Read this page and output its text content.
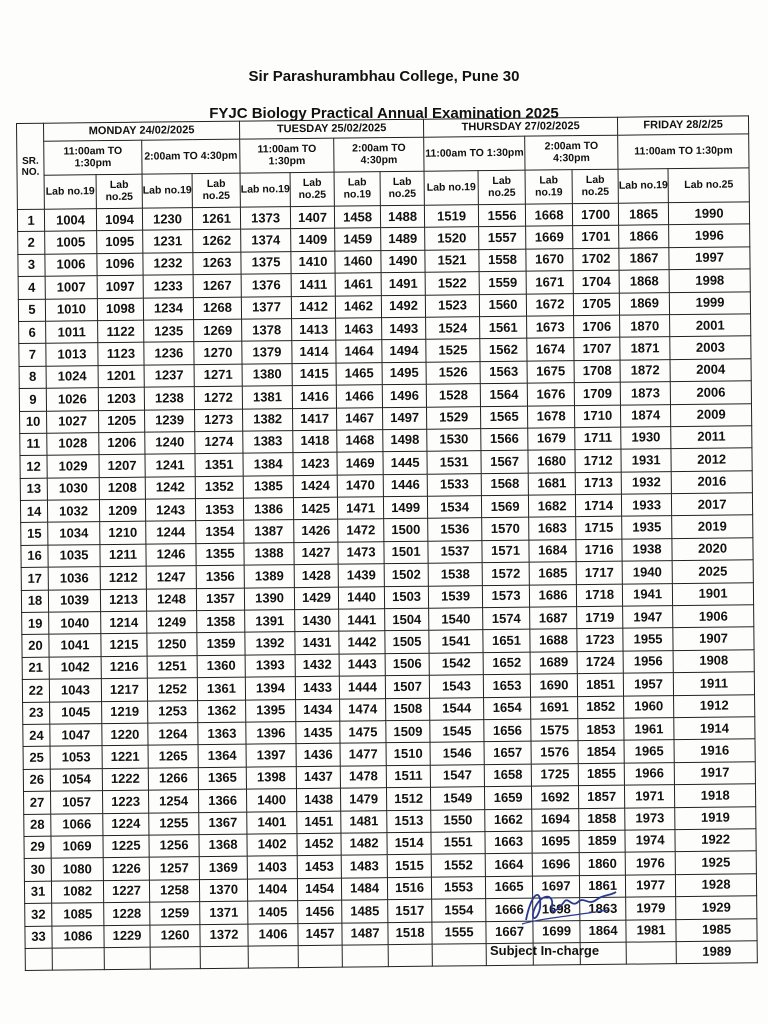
Sir Parashurambhau College, Pune 30
FYJC Biology Practical Annual Examination 2025
SR. NO.	MONDAY 24/02/2025				TUESDAY 25/02/2025				THURSDAY 27/02/2025				FRIDAY 28/2/25	
	11:00am TO 1:30pm		2:00am TO 4:30pm		11:00am TO 1:30pm		2:00am TO 4:30pm		11:00am TO 1:30pm		2:00am TO 4:30pm		11:00am TO 1:30pm	
	Lab no.19	Lab no.25	Lab no.19	Lab no.25	Lab no.19	Lab no.25	Lab no.19	Lab no.25	Lab no.19	Lab no.25	Lab no.19	Lab no.25	Lab no.19	Lab no.25
1	1004	1094	1230	1261	1373	1407	1458	1488	1519	1556	1668	1700	1865	1990
2	1005	1095	1231	1262	1374	1409	1459	1489	1520	1557	1669	1701	1866	1996
3	1006	1096	1232	1263	1375	1410	1460	1490	1521	1558	1670	1702	1867	1997
4	1007	1097	1233	1267	1376	1411	1461	1491	1522	1559	1671	1704	1868	1998
5	1010	1098	1234	1268	1377	1412	1462	1492	1523	1560	1672	1705	1869	1999
6	1011	1122	1235	1269	1378	1413	1463	1493	1524	1561	1673	1706	1870	2001
7	1013	1123	1236	1270	1379	1414	1464	1494	1525	1562	1674	1707	1871	2003
8	1024	1201	1237	1271	1380	1415	1465	1495	1526	1563	1675	1708	1872	2004
9	1026	1203	1238	1272	1381	1416	1466	1496	1528	1564	1676	1709	1873	2006
10	1027	1205	1239	1273	1382	1417	1467	1497	1529	1565	1678	1710	1874	2009
11	1028	1206	1240	1274	1383	1418	1468	1498	1530	1566	1679	1711	1930	2011
12	1029	1207	1241	1351	1384	1423	1469	1445	1531	1567	1680	1712	1931	2012
13	1030	1208	1242	1352	1385	1424	1470	1446	1533	1568	1681	1713	1932	2016
14	1032	1209	1243	1353	1386	1425	1471	1499	1534	1569	1682	1714	1933	2017
15	1034	1210	1244	1354	1387	1426	1472	1500	1536	1570	1683	1715	1935	2019
16	1035	1211	1246	1355	1388	1427	1473	1501	1537	1571	1684	1716	1938	2020
17	1036	1212	1247	1356	1389	1428	1439	1502	1538	1572	1685	1717	1940	2025
18	1039	1213	1248	1357	1390	1429	1440	1503	1539	1573	1686	1718	1941	1901
19	1040	1214	1249	1358	1391	1430	1441	1504	1540	1574	1687	1719	1947	1906
20	1041	1215	1250	1359	1392	1431	1442	1505	1541	1651	1688	1723	1955	1907
21	1042	1216	1251	1360	1393	1432	1443	1506	1542	1652	1689	1724	1956	1908
22	1043	1217	1252	1361	1394	1433	1444	1507	1543	1653	1690	1851	1957	1911
23	1045	1219	1253	1362	1395	1434	1474	1508	1544	1654	1691	1852	1960	1912
24	1047	1220	1264	1363	1396	1435	1475	1509	1545	1656	1575	1853	1961	1914
25	1053	1221	1265	1364	1397	1436	1477	1510	1546	1657	1576	1854	1965	1916
26	1054	1222	1266	1365	1398	1437	1478	1511	1547	1658	1725	1855	1966	1917
27	1057	1223	1254	1366	1400	1438	1479	1512	1549	1659	1692	1857	1971	1918
28	1066	1224	1255	1367	1401	1451	1481	1513	1550	1662	1694	1858	1973	1919
29	1069	1225	1256	1368	1402	1452	1482	1514	1551	1663	1695	1859	1974	1922
30	1080	1226	1257	1369	1403	1453	1483	1515	1552	1664	1696	1860	1976	1925
31	1082	1227	1258	1370	1404	1454	1484	1516	1553	1665	1697	1861	1977	1928
32	1085	1228	1259	1371	1405	1456	1485	1517	1554	1666	1698	1863	1979	1929
33	1086	1229	1260	1372	1406	1457	1487	1518	1555	1667	1699	1864	1981	1985
														1989
Subject In-charge
